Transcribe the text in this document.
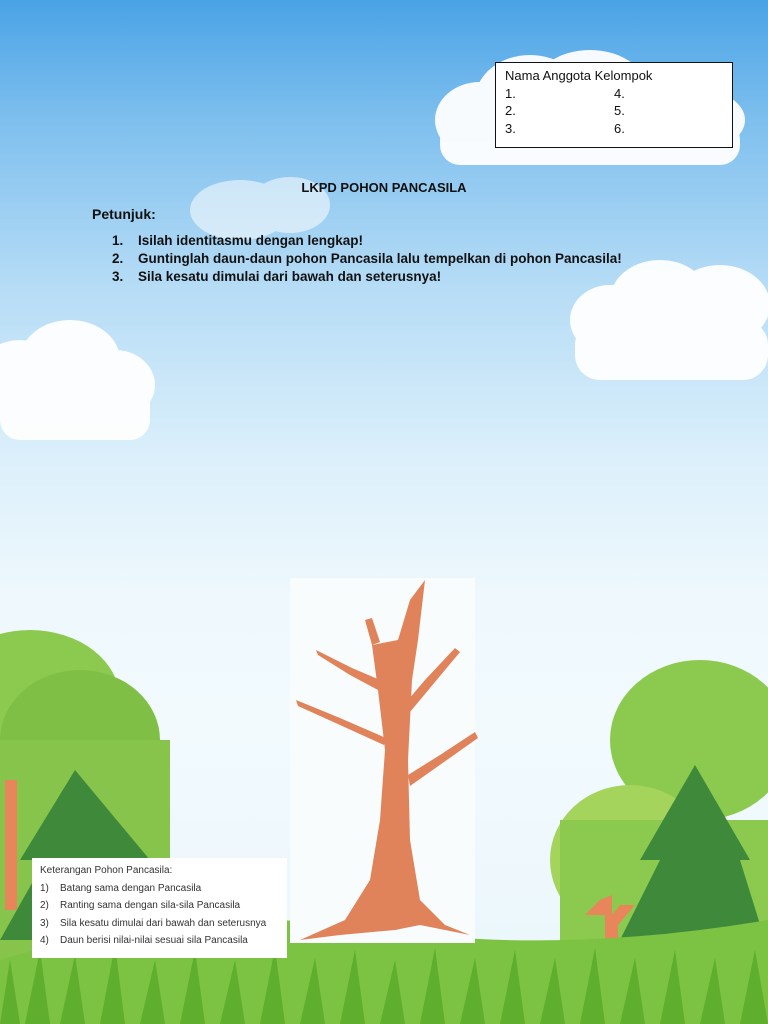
Nama Anggota Kelompok
1.	4.
2.	5.
3.	6.
LKPD POHON PANCASILA
Petunjuk:
1.	Isilah identitasmu dengan lengkap!
2.	Guntinglah daun-daun pohon Pancasila lalu tempelkan di pohon Pancasila!
3.	Sila kesatu dimulai dari bawah dan seterusnya!
Keterangan Pohon Pancasila:
1)	Batang sama dengan Pancasila
2)	Ranting sama dengan sila-sila Pancasila
3)	Sila kesatu dimulai dari bawah dan seterusnya
4)	Daun berisi nilai-nilai sesuai sila Pancasila
